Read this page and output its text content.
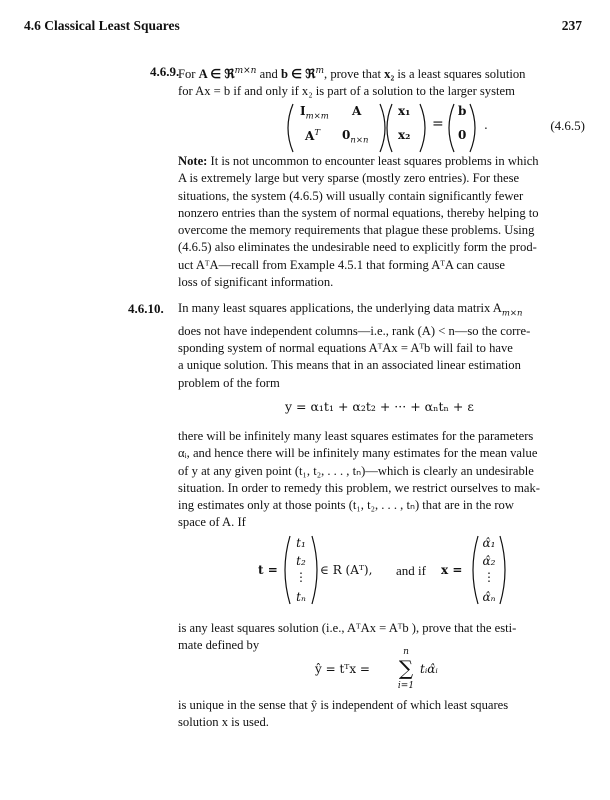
4.6 Classical Least Squares	237
4.6.9.
For A ∈ ℜ$^{m\times n}$ and b ∈ ℜ$^m$, prove that x₂ is a least squares solution
for Ax = b if and only if x₂ is part of a solution to the larger system
$I_{m\times m}$ A
$A^T$ $0_{n\times n}$
x₁
x₂
=
b
0
.	(4.6.5)
Note: It is not uncommon to encounter least squares problems in which
A is extremely large but very sparse (mostly zero entries). For these
situations, the system (4.6.5) will usually contain significantly fewer
nonzero entries than the system of normal equations, thereby helping to
overcome the memory requirements that plague these problems. Using
(4.6.5) also eliminates the undesirable need to explicitly form the prod-
uct AᵀA—recall from Example 4.5.1 that forming AᵀA can cause
loss of significant information.
4.6.10. In many least squares applications, the underlying data matrix $A_{m\times n}$
does not have independent columns—i.e., rank (A) < n—so the corre-
sponding system of normal equations AᵀAx = Aᵀb will fail to have
a unique solution. This means that in an associated linear estimation
problem of the form
y = α₁t₁ + α₂t₂ + ··· + αₙtₙ + ε
there will be infinitely many least squares estimates for the parameters
αᵢ, and hence there will be infinitely many estimates for the mean value
of y at any given point (t₁, t₂, . . . , tₙ)—which is clearly an undesirable
situation. In order to remedy this problem, we restrict ourselves to mak-
ing estimates only at those points (t₁, t₂, . . . , tₙ) that are in the row
space of A. If
t =
t₁
t₂
⋮
tₙ
∈ R (Aᵀ), and if x =
α̂₁
α̂₂
⋮
α̂ₙ
is any least squares solution (i.e., AᵀAx = Aᵀb ), prove that the esti-
mate defined by
ŷ = tᵀx =
n
∑
i=1
tᵢα̂ᵢ
is unique in the sense that ŷ is independent of which least squares
solution x is used.
